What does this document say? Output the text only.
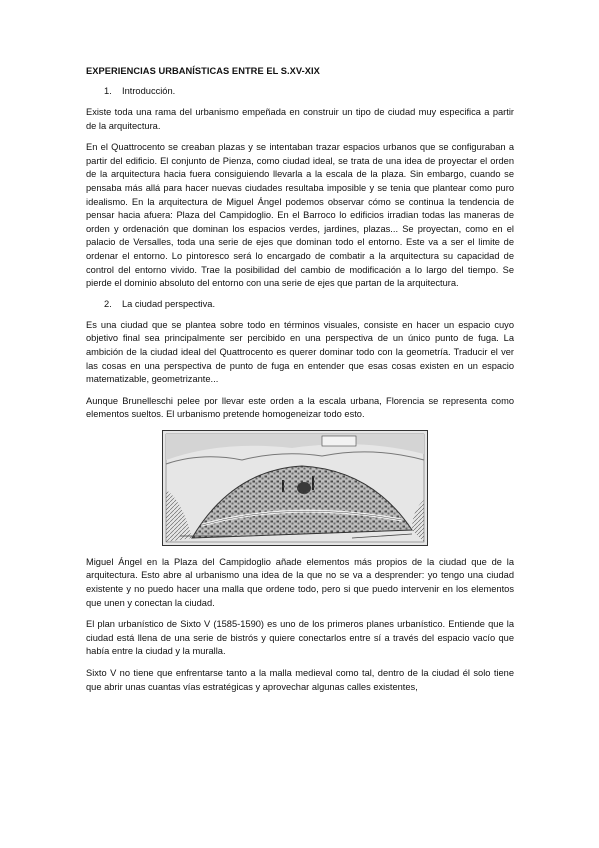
EXPERIENCIAS URBANÍSTICAS ENTRE EL S.XV-XIX
1. Introducción.

Existe toda una rama del urbanismo empeñada en construir un tipo de ciudad muy especifica a partir de la arquitectura.

En el Quattrocento se creaban plazas y se intentaban trazar espacios urbanos que se configuraban a partir del edificio. El conjunto de Pienza, como ciudad ideal, se trata de una idea de proyectar el orden de la arquitectura hacia fuera consiguiendo llevarla a la escala de la plaza. Sin embargo, cuando se pensaba más allá para hacer nuevas ciudades resultaba imposible y se tenia que plantear como puro idealismo. En la arquitectura de Miguel Ángel podemos observar cómo se continua la tendencia de pensar hacia afuera: Plaza del Campidoglio. En el Barroco lo edificios irradian todas las maneras de orden y ordenación que dominan los espacios verdes, jardines, plazas... Se proyectan, como en el palacio de Versalles, toda una serie de ejes que dominan todo el entorno. Este va a ser el limite de ordenar el entorno. Lo pintoresco será lo encargado de combatir a la arquitectura su capacidad de control del entorno vivido. Trae la posibilidad del cambio de modificación a lo largo del tiempo. Se pierde el dominio absoluto del entorno con una serie de ejes que partan de la arquitectura.

2. La ciudad perspectiva.

Es una ciudad que se plantea sobre todo en términos visuales, consiste en hacer un espacio cuyo objetivo final sea principalmente ser percibido en una perspectiva de un único punto de fuga. La ambición de la ciudad ideal del Quattrocento es querer dominar todo con la geometría. Traducir el ver las cosas en una perspectiva de punto de fuga en entender que esas cosas existen en un espacio matematizable, geometrizante...

Aunque Brunelleschi pelee por llevar este orden a la escala urbana, Florencia se representa como elementos sueltos. El urbanismo pretende homogeneizar todo esto.

Miguel Ángel en la Plaza del Campidoglio añade elementos más propios de la ciudad que de la arquitectura. Esto abre al urbanismo una idea de la que no se va a desprender: yo tengo una ciudad existente y no puedo hacer una malla que ordene todo, pero si que puedo intervenir en los elementos que unen y conectan la ciudad.

El plan urbanístico de Sixto V (1585-1590) es uno de los primeros planes urbanístico. Entiende que la ciudad está llena de una serie de bistrós y quiere conectarlos entre sí a través del espacio vacío que había entre la ciudad y la muralla.

Sixto V no tiene que enfrentarse tanto a la malla medieval como tal, dentro de la ciudad él solo tiene que abrir unas cuantas vías estratégicas y aprovechar algunas calles existentes,
